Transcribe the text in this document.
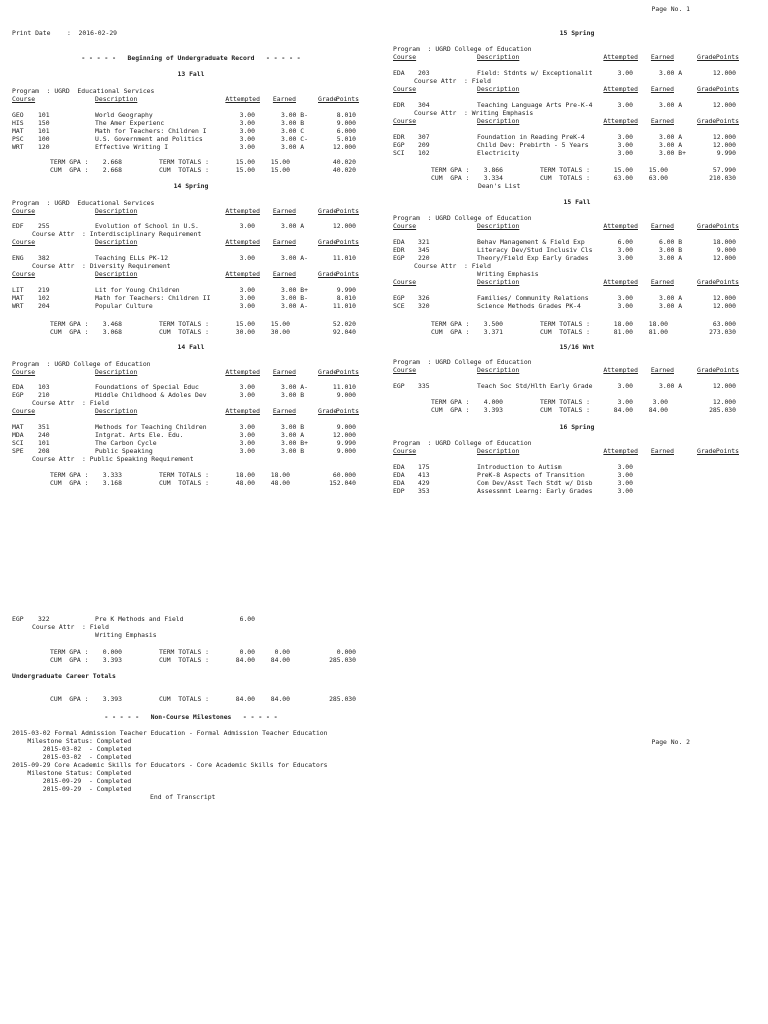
Page No. 1
Print Date	:  2016-02-29
- - - - -   Beginning of Undergraduate Record   - - - - -
13 Fall
Program  : UGRD  Educational Services
Course	Description	Attempted Earned	Grade
Points
GEO 101	World Geography	3.00	3.00 B-	8.010
HIS 150	The Amer Experienc	3.00	3.00 B	9.000
MAT 101	Math for Teachers: Children I	3.00	3.00 C	6.000
PSC 100	U.S. Government and Politics	3.00	3.00 C-	5.010
WRT 120	Effective Writing I	3.00	3.00 A	12.000
TERM GPA : 2.668	TERM TOTALS :	15.00 15.00	40.020
CUM  GPA : 2.668	CUM  TOTALS :	15.00 15.00	40.020
14 Spring
Program  : UGRD  Educational Services
Course	Description	Attempted Earned	Grade
Points
EDF 255	Evolution of School in U.S.	3.00	3.00 A	12.000
Course Attr  : Interdisciplinary Requirement
Course	Description	Attempted Earned	Grade
Points
ENG 382	Teaching ELLs PK-12	3.00	3.00 A-	11.010
Course Attr  : Diversity Requirement
Course	Description	Attempted Earned	Grade
Points
LIT 219	Lit for Young Children	3.00	3.00 B+	9.990
MAT 102	Math for Teachers: Children II	3.00	3.00 B-	8.010
WRT 204	Popular Culture	3.00	3.00 A-	11.010
TERM GPA : 3.468	TERM TOTALS :	15.00 15.00	52.020
CUM  GPA : 3.068	CUM  TOTALS :	30.00 30.00	92.040
14 Fall
Program  : UGRD College of Education
Course	Description	Attempted Earned	Grade
Points
EDA 103	Foundations of Special Educ	3.00	3.00 A-	11.010
EGP 210	Middle Childhood & Adoles Dev	3.00	3.00 B	9.000
Course Attr  : Field
Course	Description	Attempted Earned	Grade
Points
MAT 351	Methods for Teaching Children	3.00	3.00 B	9.000
MDA 240	Intgrat. Arts Ele. Edu.	3.00	3.00 A	12.000
SCI 101	The Carbon Cycle	3.00	3.00 B+	9.990
SPE 208	Public Speaking	3.00	3.00 B	9.000
Course Attr  : Public Speaking Requirement
TERM GPA : 3.333	TERM TOTALS :	18.00 18.00	60.000
CUM  GPA : 3.168	CUM  TOTALS :	48.00 48.00	152.040
15 Spring
Program  : UGRD College of Education
Course	Description	Attempted Earned	Grade Points
EDA 203	Field: Stdnts w/ Exceptionalit	3.00	3.00 A	12.000
Course Attr  : Field
Course	Description	Attempted Earned	Grade Points
EDR 304	Teaching Language Arts Pre-K-4	3.00	3.00 A	12.000
Course Attr  : Writing Emphasis
Course	Description	Attempted Earned	Grade Points
EDR 307	Foundation in Reading PreK-4	3.00	3.00 A	12.000
EGP 209	Child Dev: Prebirth - 5 Years	3.00	3.00 A	12.000
SCI 102	Electricity	3.00	3.00 B+	9.990
TERM GPA : 3.866	TERM TOTALS :	15.00 15.00	57.990
CUM  GPA : 3.334	CUM  TOTALS :	63.00 63.00	210.030
Dean's List
15 Fall
Program  : UGRD College of Education
Course	Description	Attempted Earned	Grade Points
EDA 321	Behav Management & Field Exp	6.00	6.00 B	18.000
EDR 345	Literacy Dev/Stud Inclusiv Cls	3.00	3.00 B	9.000
EGP 220	Theory/Field Exp Early Grades	3.00	3.00 A	12.000
Course Attr  : Field
Writing Emphasis
Course	Description	Attempted Earned	Grade Points
EGP 326	Families/ Community Relations	3.00	3.00 A	12.000
SCE 320	Science Methods Grades PK-4	3.00	3.00 A	12.000
TERM GPA : 3.500	TERM TOTALS :	18.00 18.00	63.000
CUM  GPA : 3.371	CUM  TOTALS :	81.00 81.00	273.030
15/16 Wnt
Program  : UGRD College of Education
Course	Description	Attempted Earned	Grade Points
EGP 335	Teach Soc Std/Hlth Early Grade	3.00	3.00 A	12.000
TERM GPA : 4.000	TERM TOTALS :	3.00	3.00	12.000
CUM  GPA : 3.393	CUM  TOTALS :	84.00 84.00	285.030
16 Spring
Program  : UGRD College of Education
Course	Description	Attempted Earned	Grade Points
EDA 175	Introduction to Autism	3.00
EDA 413	PreK-8 Aspects of Transition	3.00
EDA 429	Com Dev/Asst Tech Stdt w/ Disb	3.00
EDP 353	Assessmnt Learng: Early Grades	3.00
Page No. 2
EGP 322	Pre K Methods and Field	6.00
Course Attr  : Field
Writing Emphasis
TERM GPA : 0.000	TERM TOTALS :	0.00	0.00	0.000
CUM  GPA : 3.393	CUM  TOTALS :	84.00 84.00	285.030
Undergraduate Career Totals
CUM  GPA : 3.393	CUM  TOTALS :	84.00 84.00	285.030
- - - - -   Non-Course Milestones   - - - - -
2015-03-02 Formal Admission Teacher Education - Formal Admission Teacher Education
Milestone Status: Completed
2015-03-02  - Completed
2015-03-02  - Completed
2015-09-29 Core Academic Skills for Educators - Core Academic Skills for Educators
Milestone Status: Completed
2015-09-29  - Completed
2015-09-29  - Completed
End of Transcript
